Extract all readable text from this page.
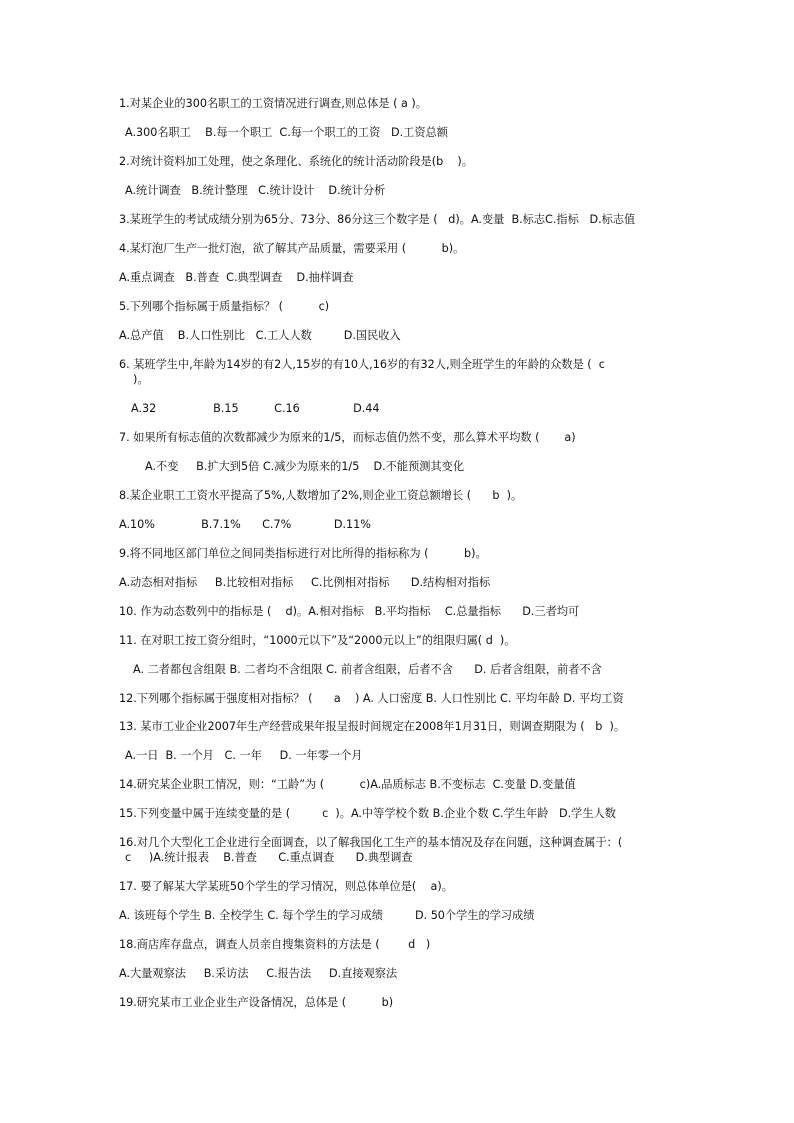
1.对某企业的300名职工的工资情况进行调查,则总体是 ( a )。
A.300名职工    B.每一个职工  C.每一个职工的工资   D.工资总额
2.对统计资料加工处理，使之条理化、系统化的统计活动阶段是(b    )。
A.统计调查   B.统计整理   C.统计设计    D.统计分析
3.某班学生的考试成绩分别为65分、73分、86分这三个数字是 (   d)。A.变量  B.标志C.指标   D.标志值
4.某灯泡厂生产一批灯泡，欲了解其产品质量，需要采用 (          b)。
A.重点调查   B.普查  C.典型调查    D.抽样调查
5.下列哪个指标属于质量指标？ (          c)
A.总产值    B.人口性别比   C.工人人数         D.国民收入
6. 某班学生中,年龄为14岁的有2人,15岁的有10人,16岁的有32人,则全班学生的年龄的众数是 (  c
)。
A.32                B.15          C.16               D.44
7. 如果所有标志值的次数都减少为原来的1/5，而标志值仍然不变，那么算术平均数 (       a)
A.不变     B.扩大到5倍 C.减少为原来的1/5    D.不能预测其变化
8.某企业职工工资水平提高了5%,人数增加了2%,则企业工资总额增长 (      b  )。
A.10%             B.7.1%      C.7%            D.11%
9.将不同地区部门单位之间同类指标进行对比所得的指标称为 (          b)。
A.动态相对指标     B.比较相对指标     C.比例相对指标      D.结构相对指标
10. 作为动态数列中的指标是 (    d)。A.相对指标   B.平均指标    C.总量指标      D.三者均可
11. 在对职工按工资分组时，“1000元以下”及“2000元以上”的组限归属( d  )。
A. 二者都包含组限 B. 二者均不含组限 C. 前者含组限，后者不含      D. 后者含组限，前者不含
12.下列哪个指标属于强度相对指标？ (      a    ) A. 人口密度 B. 人口性别比 C. 平均年龄 D. 平均工资
13. 某市工业企业2007年生产经营成果年报呈报时间规定在2008年1月31日，则调查期限为 (   b  )。
A.一日  B. 一个月   C. 一年     D. 一年零一个月
14.研究某企业职工情况，则：“工龄”为 (          c)A.品质标志 B.不变标志  C.变量 D.变量值
15.下列变量中属于连续变量的是 (         c  )。A.中等学校个数 B.企业个数 C.学生年龄   D.学生人数
16.对几个大型化工企业进行全面调查，以了解我国化工生产的基本情况及存在问题，这种调查属于：(
c     )A.统计报表    B.普查      C.重点调查      D.典型调查
17. 要了解某大学某班50个学生的学习情况，则总体单位是(    a)。
A. 该班每个学生 B. 全校学生 C. 每个学生的学习成绩         D. 50个学生的学习成绩
18.商店库存盘点，调查人员亲自搜集资料的方法是 (        d   )
A.大量观察法     B.采访法     C.报告法     D.直接观察法
19.研究某市工业企业生产设备情况，总体是 (          b)
